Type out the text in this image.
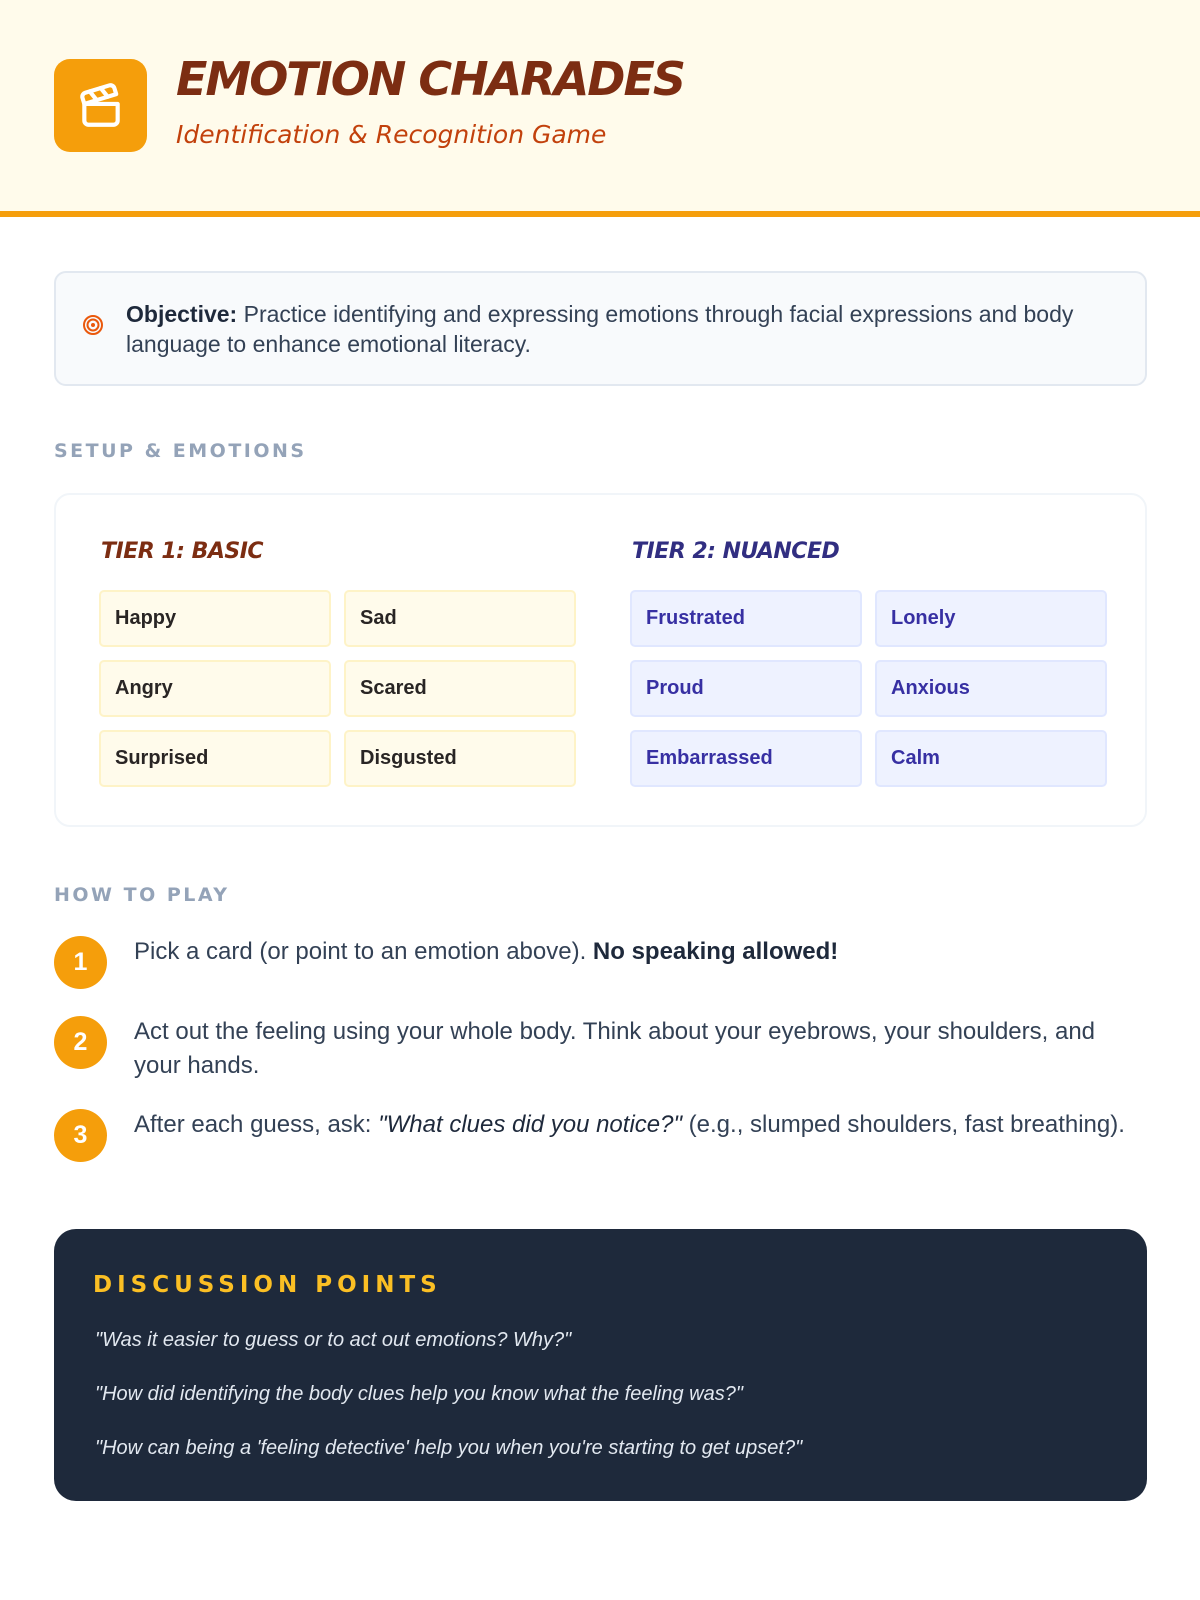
EMOTION CHARADES
Identification & Recognition Game

Objective: Practice identifying and expressing emotions through facial expressions and body language to enhance emotional literacy.

SETUP & EMOTIONS
TIER 1: BASIC	TIER 2: NUANCED
Happy	Sad
Angry	Scared
Surprised	Disgusted
Frustrated	Lonely
Proud	Anxious
Embarrassed	Calm
HOW TO PLAY
1	Pick a card (or point to an emotion above). No speaking allowed!

2	Act out the feeling using your whole body. Think about your eyebrows, your shoulders, and your hands.

3	After each guess, ask: "What clues did you notice?" (e.g., slumped shoulders, fast breathing).

DISCUSSION POINTS

"Was it easier to guess or to act out emotions? Why?"

"How did identifying the body clues help you know what the feeling was?"

"How can being a 'feeling detective' help you when you're starting to get upset?"
